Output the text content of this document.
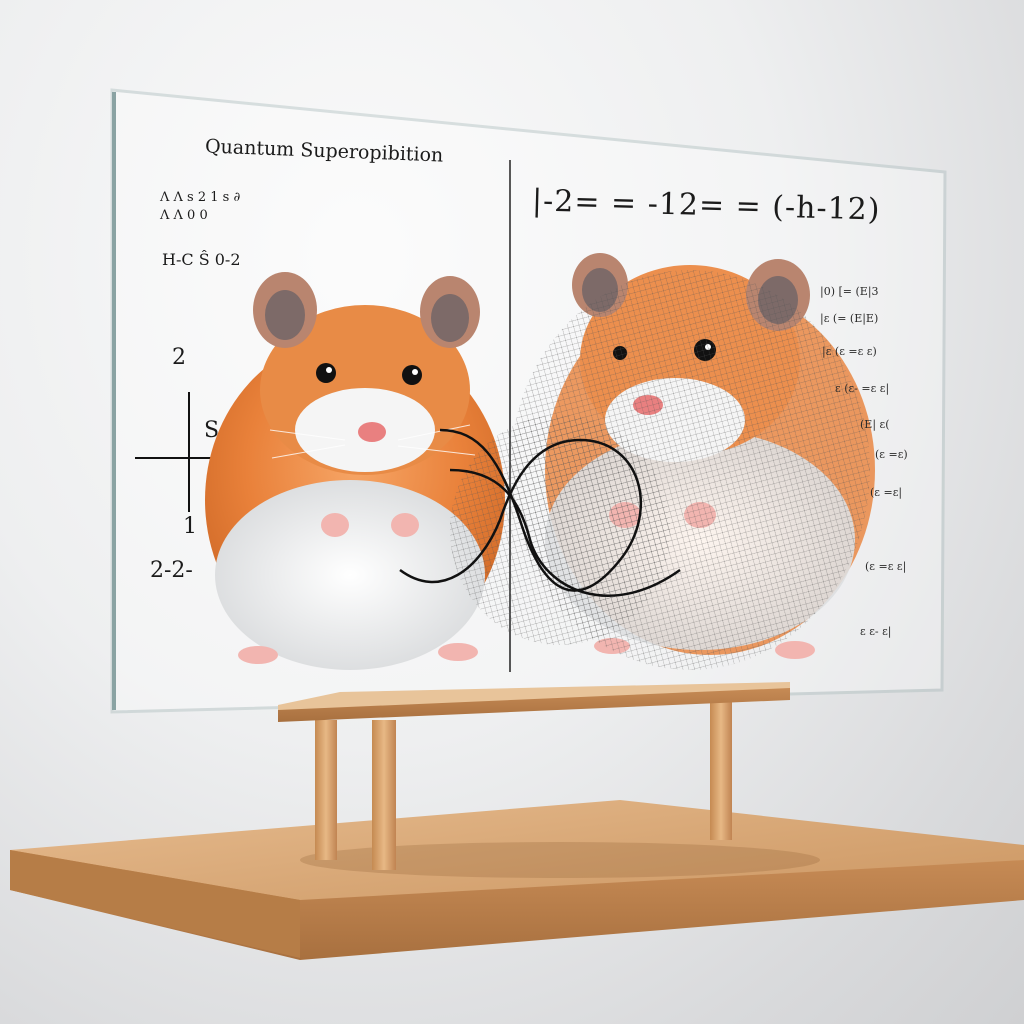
Quantum Superopibition
|-2= = -12= = (-h-12)
Λ Λ s 2 1 s ∂
Λ Λ 0 0
H-C Ŝ 0-2
2
S
1
2-2-
|0) [= (E|3
|ε (= (E|E)
|ε (ε =ε ε)
ε (ε- =ε ε|
(E| ε(
(ε =ε)
(ε =ε|
(ε =ε ε|
ε ε- ε|
